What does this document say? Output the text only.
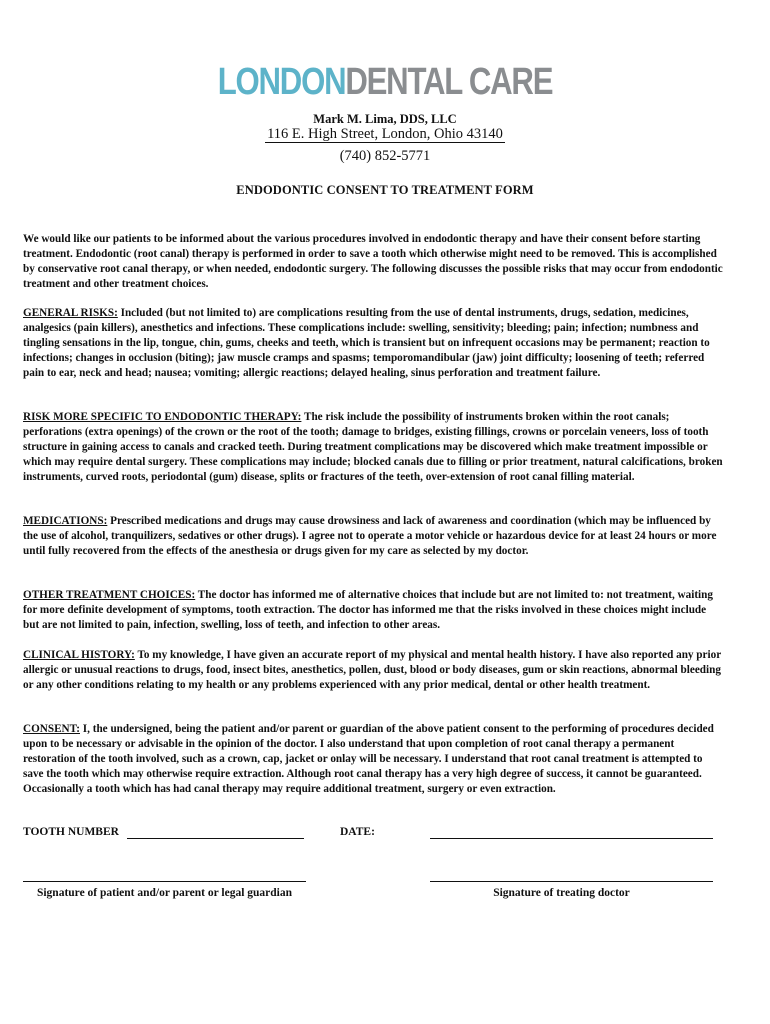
LONDONDENTAL CARE
Mark M. Lima, DDS, LLC
116 E. High Street, London, Ohio 43140
(740) 852-5771
ENDODONTIC CONSENT TO TREATMENT FORM

We would like our patients to be informed about the various procedures involved in endodontic therapy and have their consent before starting treatment. Endodontic (root canal) therapy is performed in order to save a tooth which otherwise might need to be removed. This is accomplished by conservative root canal therapy, or when needed, endodontic surgery. The following discusses the possible risks that may occur from endodontic treatment and other treatment choices.

GENERAL RISKS: Included (but not limited to) are complications resulting from the use of dental instruments, drugs, sedation, medicines, analgesics (pain killers), anesthetics and infections. These complications include: swelling, sensitivity; bleeding; pain; infection; numbness and tingling sensations in the lip, tongue, chin, gums, cheeks and teeth, which is transient but on infrequent occasions may be permanent; reaction to infections; changes in occlusion (biting); jaw muscle cramps and spasms; temporomandibular (jaw) joint difficulty; loosening of teeth; referred pain to ear, neck and head; nausea; vomiting; allergic reactions; delayed healing, sinus perforation and treatment failure.

RISK MORE SPECIFIC TO ENDODONTIC THERAPY: The risk include the possibility of instruments broken within the root canals; perforations (extra openings) of the crown or the root of the tooth; damage to bridges, existing fillings, crowns or porcelain veneers, loss of tooth structure in gaining access to canals and cracked teeth. During treatment complications may be discovered which make treatment impossible or which may require dental surgery. These complications may include; blocked canals due to filling or prior treatment, natural calcifications, broken instruments, curved roots, periodontal (gum) disease, splits or fractures of the teeth, over-extension of root canal filling material.

MEDICATIONS: Prescribed medications and drugs may cause drowsiness and lack of awareness and coordination (which may be influenced by the use of alcohol, tranquilizers, sedatives or other drugs). I agree not to operate a motor vehicle or hazardous device for at least 24 hours or more until fully recovered from the effects of the anesthesia or drugs given for my care as selected by my doctor.

OTHER TREATMENT CHOICES: The doctor has informed me of alternative choices that include but are not limited to: not treatment, waiting for more definite development of symptoms, tooth extraction. The doctor has informed me that the risks involved in these choices might include but are not limited to pain, infection, swelling, loss of teeth, and infection to other areas.

CLINICAL HISTORY: To my knowledge, I have given an accurate report of my physical and mental health history. I have also reported any prior allergic or unusual reactions to drugs, food, insect bites, anesthetics, pollen, dust, blood or body diseases, gum or skin reactions, abnormal bleeding or any other conditions relating to my health or any problems experienced with any prior medical, dental or other health treatment.

CONSENT: I, the undersigned, being the patient and/or parent or guardian of the above patient consent to the performing of procedures decided upon to be necessary or advisable in the opinion of the doctor. I also understand that upon completion of root canal therapy a permanent restoration of the tooth involved, such as a crown, cap, jacket or onlay will be necessary. I understand that root canal treatment is attempted to save the tooth which may otherwise require extraction. Although root canal therapy has a very high degree of success, it cannot be guaranteed. Occasionally a tooth which has had canal therapy may require additional treatment, surgery or even extraction.

TOOTH NUMBER	DATE:
Signature of patient and/or parent or legal guardian	Signature of treating doctor
